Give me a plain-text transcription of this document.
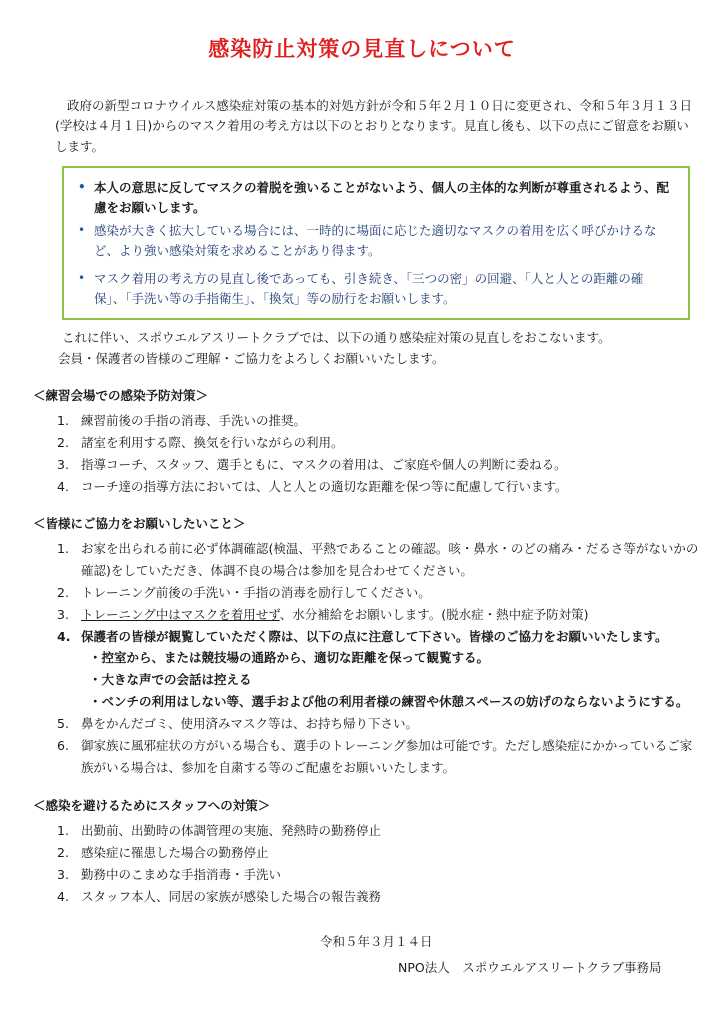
感染防止対策の見直しについて

政府の新型コロナウイルス感染症対策の基本的対処方針が令和５年２月１０日に変更され、令和５年３月１３日(学校は４月１日)からのマスク着用の考え方は以下のとおりとなります。見直し後も、以下の点にご留意をお願いします。

• 本人の意思に反してマスクの着脱を強いることがないよう、個人の主体的な判断が尊重されるよう、配慮をお願いします。
• 感染が大きく拡大している場合には、一時的に場面に応じた適切なマスクの着用を広く呼びかけるなど、より強い感染対策を求めることがあり得ます。
• マスク着用の考え方の見直し後であっても、引き続き、「三つの密」の回避、「人と人との距離の確保」、「手洗い等の手指衛生」、「換気」等の励行をお願いします。

これに伴い、スポウエルアスリートクラブでは、以下の通り感染症対策の見直しをおこないます。

会員・保護者の皆様のご理解・ご協力をよろしくお願いいたします。

＜練習会場での感染予防対策＞
1. 練習前後の手指の消毒、手洗いの推奨。
2. 諸室を利用する際、換気を行いながらの利用。
3. 指導コーチ、スタッフ、選手ともに、マスクの着用は、ご家庭や個人の判断に委ねる。
4. コーチ達の指導方法においては、人と人との適切な距離を保つ等に配慮して行います。
＜皆様にご協力をお願いしたいこと＞
1. お家を出られる前に必ず体調確認(検温、平熱であることの確認。咳・鼻水・のどの痛み・だるさ等がないかの確認)をしていただき、体調不良の場合は参加を見合わせてください。
2. トレーニング前後の手洗い・手指の消毒を励行してください。
3. トレーニング中はマスクを着用せず、水分補給をお願いします。(脱水症・熱中症予防対策)
4. 保護者の皆様が観覧していただく際は、以下の点に注意して下さい。皆様のご協力をお願いいたします。
・控室から、または競技場の通路から、適切な距離を保って観覧する。
・大きな声での会話は控える
・ベンチの利用はしない等、選手および他の利用者様の練習や休憩スペースの妨げのならないようにする。
5. 鼻をかんだゴミ、使用済みマスク等は、お持ち帰り下さい。
6. 御家族に風邪症状の方がいる場合も、選手のトレーニング参加は可能です。ただし感染症にかかっているご家族がいる場合は、参加を自粛する等のご配慮をお願いいたします。
＜感染を避けるためにスタッフへの対策＞
1. 出勤前、出勤時の体調管理の実施、発熱時の勤務停止
2. 感染症に罹患した場合の勤務停止
3. 勤務中のこまめな手指消毒・手洗い
4. スタッフ本人、同居の家族が感染した場合の報告義務

令和５年３月１４日

NPO法人　スポウエルアスリートクラブ事務局
